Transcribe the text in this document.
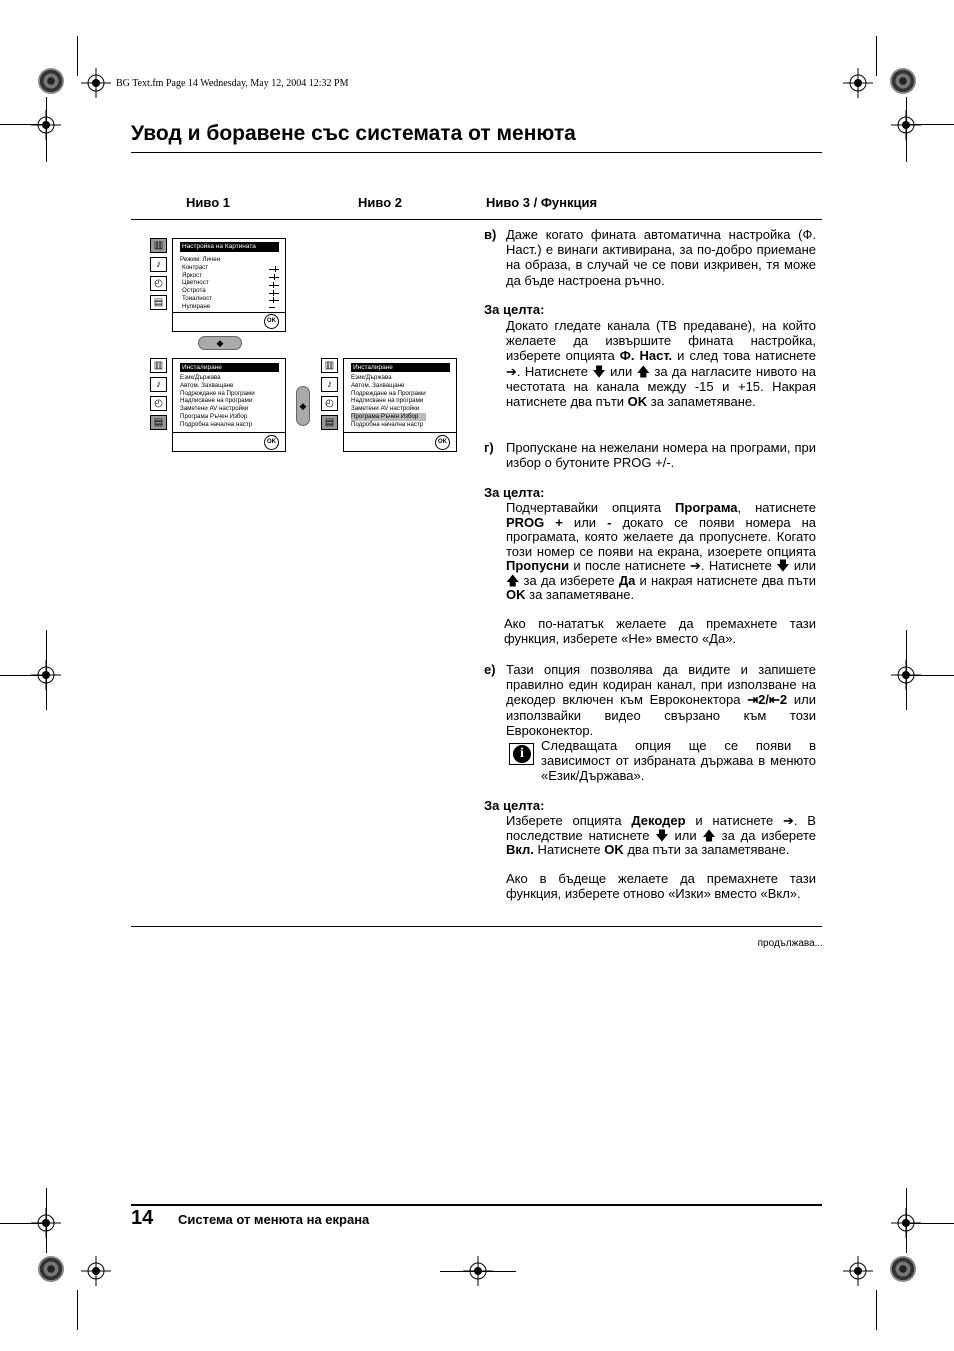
BG Text.fm Page 14 Wednesday, May 12, 2004 12:32 PM
Увод и боравене със системата от менюта
Ниво 1	Ниво 2	Ниво 3 / Функция
▥
♪
◴
▤
Настройка на Картината
Режим: Личен
Контраст
Яркост
Цветност
Острота
Тоналност
Нулиране
OK
◆
▥
♪
◴
▤
Инсталиране
Език/Държава
Автом. Захващане
Подреждане на Програми
Надписване на програми
Заметени AV настройки
Програма Ръчен Избор
Подробна начална настр
OK
◆
▥
♪
◴
▤
Инсталиране
Език/Държава
Автом. Захващане
Подреждане на Програми
Надписване на програми
Заметени AV настройки
Програма Ръчен Избор
Подробна начална настр
OK
в) Даже когато фината автоматична настройка (Ф. Наст.) е винаги активирана, за по-добро приемане на образа, в случай че се пови изкривен, тя може да бъде настроена ръчно.
За целта:
Докато гледате канала (ТВ предаване), на който желаете да извършите фината настройка, изберете опцията Ф. Наст. и след това натиснете ➔. Натиснете 🡇 или 🡅 за да нагласите нивото на честотата на канала между -15 и +15. Накрая натиснете два пъти OK за запаметяване.
г) Пропускане на нежелани номера на програми, при избор о бутоните PROG +/-.
За целта:
Подчертавайки опцията Програма, натиснете PROG + или - докато се появи номера на програмата, която желаете да пропуснете. Когато този номер се появи на екрана, изоерете опцията Пропусни и после натиснете ➔. Натиснете 🡇 или 🡅 за да изберете Да и накрая натиснете два пъти OK за запаметяване.
Ако по-нататък желаете да премахнете тази функция, изберете «Не» вместо «Да».
е) Тази опция позволява да видите и запишете правилно един кодиран канал, при използване на декодер включен към Евроконектора ⇥2/⇤2 или използвайки видео свързано към този Евроконектор.
i
Следващата опция ще се появи в зависимост от избраната държава в менюто «Език/Държава».
За целта:
Изберете опцията Декодер и натиснете ➔. В последствие натиснете 🡇 или 🡅 за да изберете Вкл. Натиснете OK два пъти за запаметяване.
Ако в бъдеще желаете да премахнете тази функция, изберете отново «Изки» вместо «Вкл».
продължава...
14 Система от менюта на екрана
